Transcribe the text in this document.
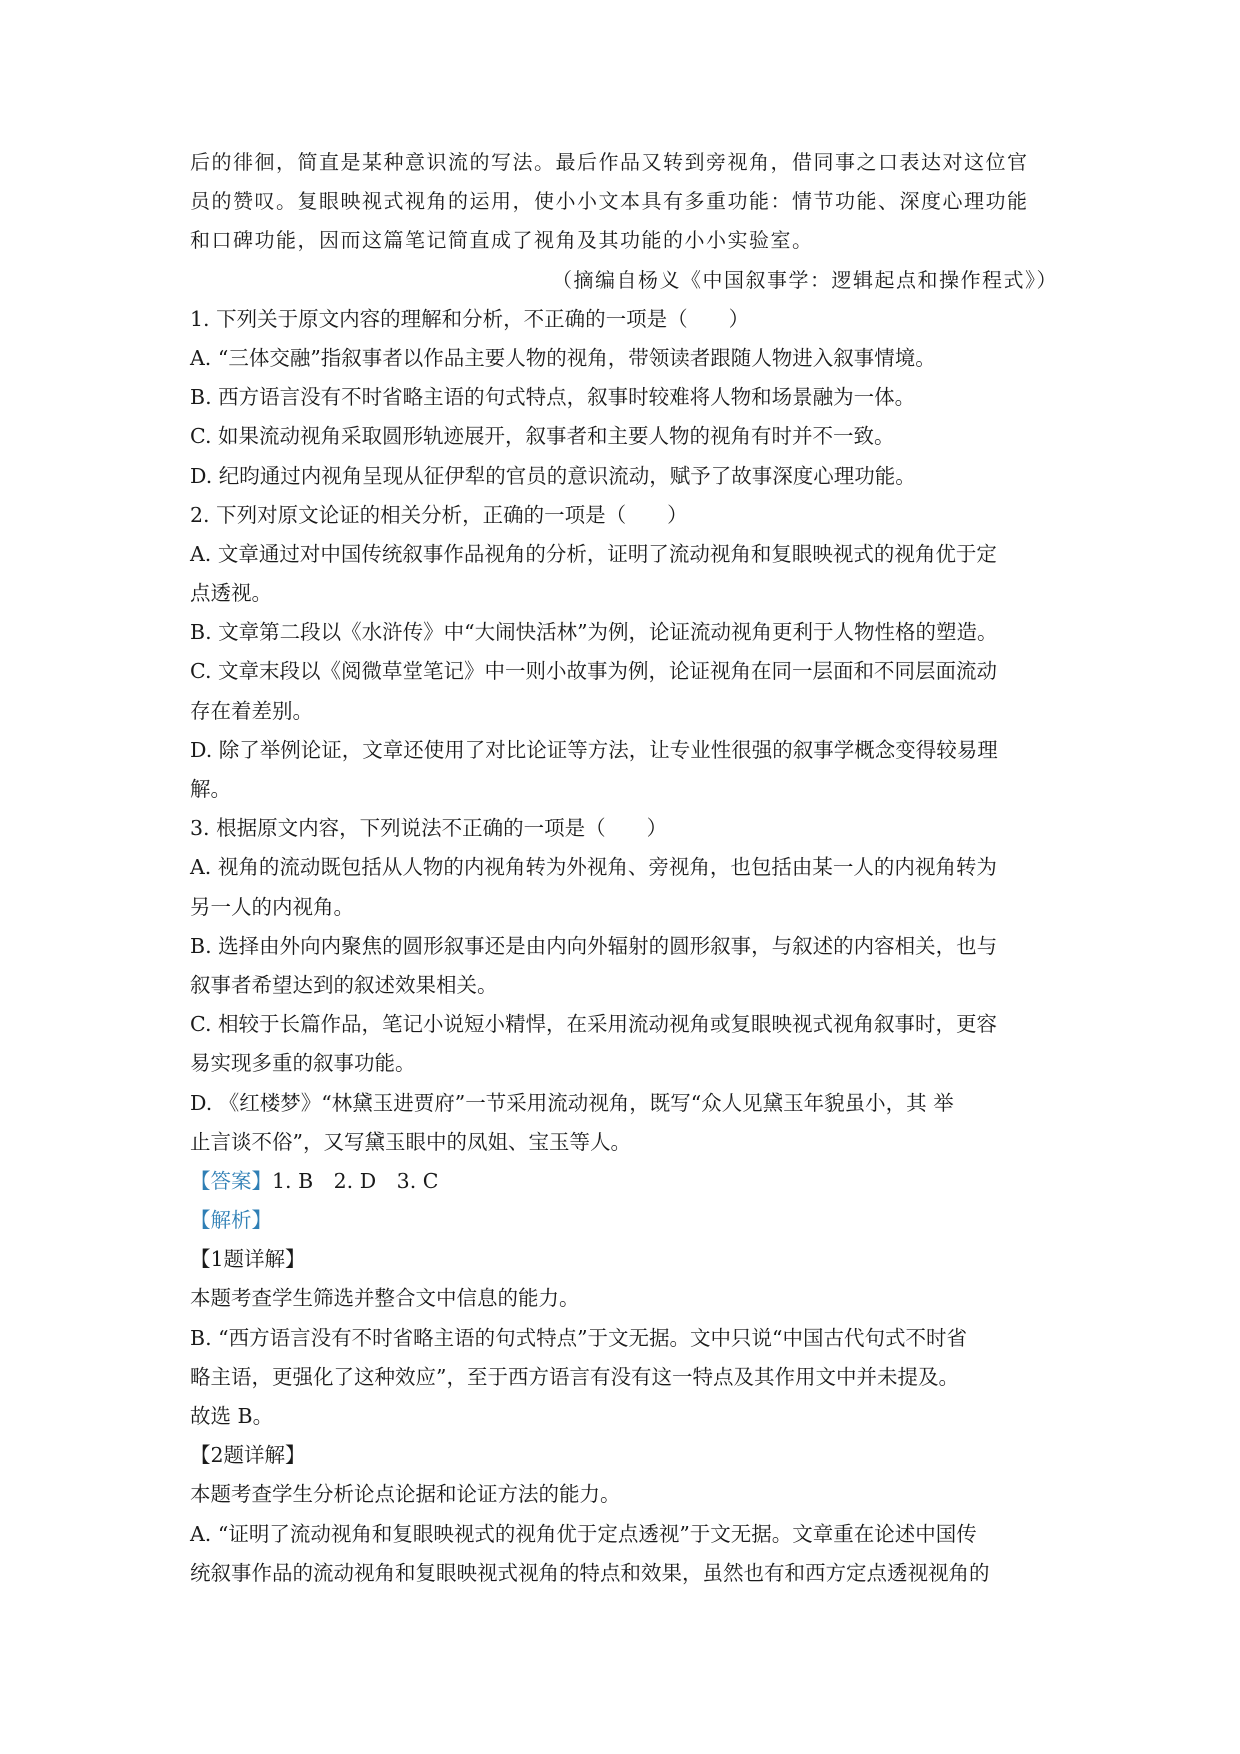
后的徘徊，简直是某种意识流的写法。最后作品又转到旁视角，借同事之口表达对这位官
员的赞叹。复眼映视式视角的运用，使小小文本具有多重功能：情节功能、深度心理功能
和口碑功能，因而这篇笔记简直成了视角及其功能的小小实验室。
（摘编自杨义《中国叙事学：逻辑起点和操作程式》）
1. 下列关于原文内容的理解和分析，不正确的一项是（　　）
A. “三体交融”指叙事者以作品主要人物的视角，带领读者跟随人物进入叙事情境。
B. 西方语言没有不时省略主语的句式特点，叙事时较难将人物和场景融为一体。
C. 如果流动视角采取圆形轨迹展开，叙事者和主要人物的视角有时并不一致。
D. 纪昀通过内视角呈现从征伊犁的官员的意识流动，赋予了故事深度心理功能。
2. 下列对原文论证的相关分析，正确的一项是（　　）
A. 文章通过对中国传统叙事作品视角的分析，证明了流动视角和复眼映视式的视角优于定
点透视。
B. 文章第二段以《水浒传》中“大闹快活林”为例，论证流动视角更利于人物性格的塑造。
C. 文章末段以《阅微草堂笔记》中一则小故事为例，论证视角在同一层面和不同层面流动
存在着差别。
D. 除了举例论证，文章还使用了对比论证等方法，让专业性很强的叙事学概念变得较易理
解。
3. 根据原文内容，下列说法不正确的一项是（　　）
A. 视角的流动既包括从人物的内视角转为外视角、旁视角，也包括由某一人的内视角转为
另一人的内视角。
B. 选择由外向内聚焦的圆形叙事还是由内向外辐射的圆形叙事，与叙述的内容相关，也与
叙事者希望达到的叙述效果相关。
C. 相较于长篇作品，笔记小说短小精悍，在采用流动视角或复眼映视式视角叙事时，更容
易实现多重的叙事功能。
D. 《红楼梦》“林黛玉进贾府”一节采用流动视角，既写“众人见黛玉年貌虽小，其 举
止言谈不俗”，又写黛玉眼中的凤姐、宝玉等人。
【答案】1. B　2. D　3. C
【解析】
【1题详解】
本题考查学生筛选并整合文中信息的能力。
B. “西方语言没有不时省略主语的句式特点”于文无据。文中只说“中国古代句式不时省
略主语，更强化了这种效应”，至于西方语言有没有这一特点及其作用文中并未提及。
故选 B。
【2题详解】
本题考查学生分析论点论据和论证方法的能力。
A. “证明了流动视角和复眼映视式的视角优于定点透视”于文无据。文章重在论述中国传
统叙事作品的流动视角和复眼映视式视角的特点和效果，虽然也有和西方定点透视视角的
